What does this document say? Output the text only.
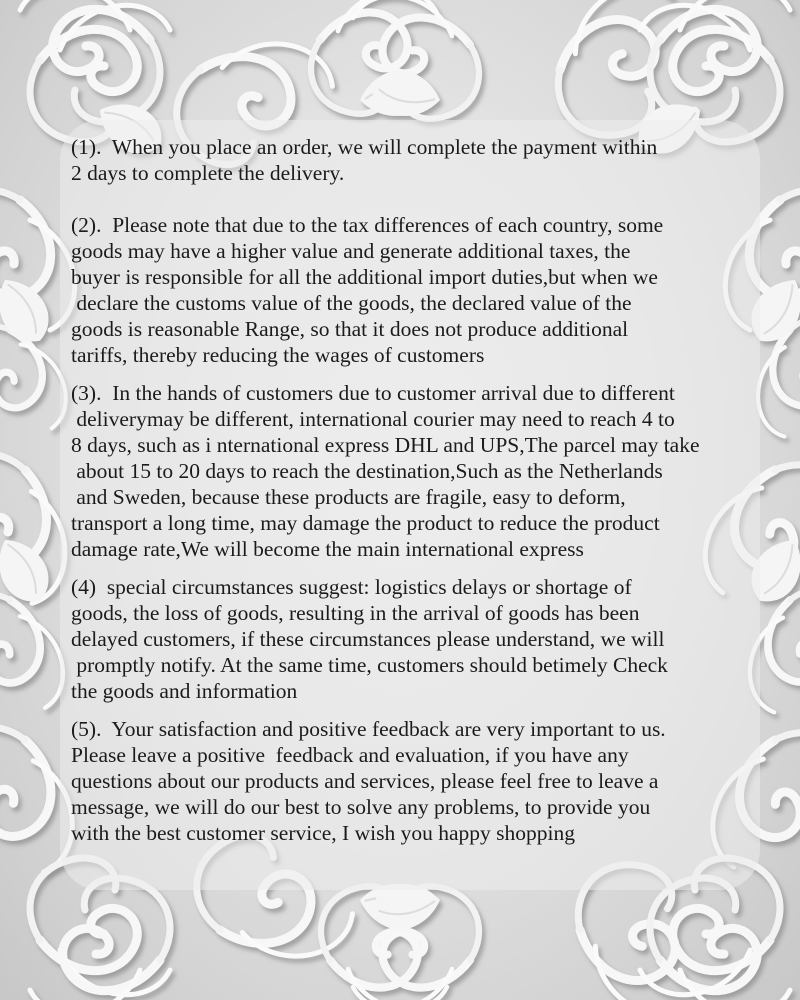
(1).  When you place an order, we will complete the payment within
2 days to complete the delivery.
(2).  Please note that due to the tax differences of each country, some
goods may have a higher value and generate additional taxes, the
buyer is responsible for all the additional import duties,but when we
declare the customs value of the goods, the declared value of the
goods is reasonable Range, so that it does not produce additional
tariffs, thereby reducing the wages of customers
(3).  In the hands of customers due to customer arrival due to different
deliverymay be different, international courier may need to reach 4 to
8 days, such as i nternational express DHL and UPS,The parcel may take
about 15 to 20 days to reach the destination,Such as the Netherlands
and Sweden, because these products are fragile, easy to deform,
transport a long time, may damage the product to reduce the product
damage rate,We will become the main international express
(4)  special circumstances suggest: logistics delays or shortage of
goods, the loss of goods, resulting in the arrival of goods has been
delayed customers, if these circumstances please understand, we will
promptly notify. At the same time, customers should betimely Check
the goods and information
(5).  Your satisfaction and positive feedback are very important to us.
Please leave a positive  feedback and evaluation, if you have any
questions about our products and services, please feel free to leave a
message, we will do our best to solve any problems, to provide you
with the best customer service, I wish you happy shopping
